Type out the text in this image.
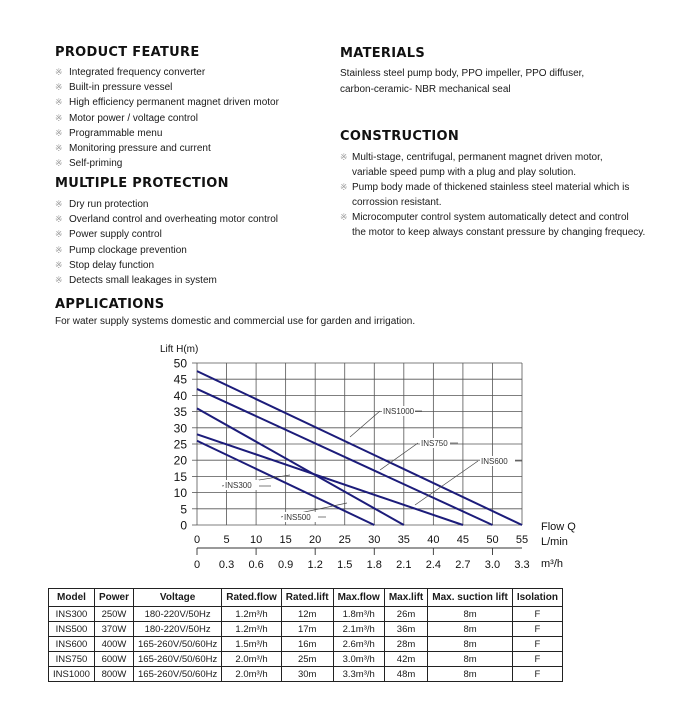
PRODUCT FEATURE
※ Integrated frequency converter
※ Built-in pressure vessel
※ High efficiency permanent magnet driven motor
※ Motor power / voltage control
※ Programmable menu
※ Monitoring pressure and current
※ Self-priming
MULTIPLE PROTECTION
※ Dry run protection
※ Overland control and overheating motor control
※ Power supply control
※ Pump clockage prevention
※ Stop delay function
※ Detects small leakages in system
MATERIALS
Stainless steel pump body, PPO impeller, PPO diffuser,
carbon-ceramic- NBR mechanical seal
CONSTRUCTION
※ Multi-stage, centrifugal, permanent magnet driven motor,
variable speed pump with a plug and play solution.
※ Pump body made of thickened stainless steel material which is
corrossion resistant.
※ Microcomputer control system automatically detect and control
the motor to keep always constant pressure by changing frequecy.
APPLICATIONS
For water supply systems domestic and commercial use for garden and irrigation.
0
5
10
15
20
25
30
35
40
45
50
Lift H(m)
0 5 10 15 20 25 30 35 40 45 50 55
Flow Q
L/min
0 0.3 0.6 0.9 1.2 1.5 1.8 2.1 2.4 2.7 3.0 3.3 m³/h
INS300
INS500
INS600
INS750
INS1000
Model	Power	Voltage	Rated.flow	Rated.lift	Max.flow	Max.lift	Max. suction lift	Isolation
INS300	250W	180-220V/50Hz	1.2m³/h	12m	1.8m³/h	26m	8m	F
INS500	370W	180-220V/50Hz	1.2m³/h	17m	2.1m³/h	36m	8m	F
INS600	400W	165-260V/50/60Hz	1.5m³/h	16m	2.6m³/h	28m	8m	F
INS750	600W	165-260V/50/60Hz	2.0m³/h	25m	3.0m³/h	42m	8m	F
INS1000	800W	165-260V/50/60Hz	2.0m³/h	30m	3.3m³/h	48m	8m	F
